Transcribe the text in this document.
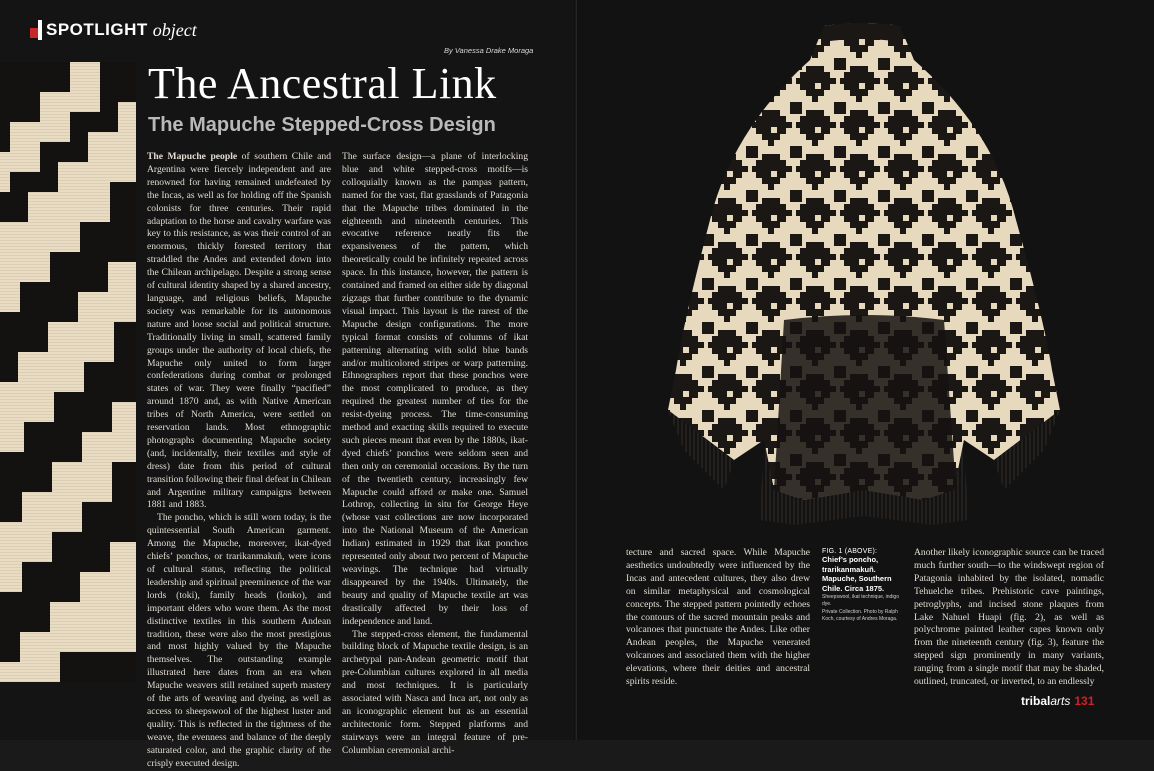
SPOTLIGHT object
By Vanessa Drake Moraga
The Ancestral Link
The Mapuche Stepped-Cross Design

The Mapuche people of southern Chile and Argentina were fiercely independent and are renowned for having remained undefeated by the Incas, as well as for holding off the Spanish colonists for three centuries. Their rapid adaptation to the horse and cavalry warfare was key to this resistance, as was their control of an enormous, thickly forested territory that straddled the Andes and extended down into the Chilean archipelago. Despite a strong sense of cultural identity shaped by a shared ancestry, language, and religious beliefs, Mapuche society was remarkable for its autonomous nature and loose social and political structure. Traditionally living in small, scattered family groups under the authority of local chiefs, the Mapuche only united to form larger confederations during combat or prolonged states of war. They were finally “pacified” around 1870 and, as with Native American tribes of North America, were settled on reservation lands. Most ethnographic photographs documenting Mapuche society (and, incidentally, their textiles and style of dress) date from this period of cultural transition following their final defeat in Chilean and Argentine military campaigns between 1881 and 1883.

The poncho, which is still worn today, is the quintessential South American garment. Among the Mapuche, moreover, ikat-dyed chiefs’ ponchos, or trarikanmakuñ, were icons of cultural status, reflecting the political leadership and spiritual preeminence of the war lords (toki), family heads (lonko), and important elders who wore them. As the most distinctive textiles in this southern Andean tradition, these were also the most prestigious and most highly valued by the Mapuche themselves. The outstanding example illustrated here dates from an era when Mapuche weavers still retained superb mastery of the arts of weaving and dyeing, as well as access to sheepswool of the highest luster and quality. This is reflected in the tightness of the weave, the evenness and balance of the deeply saturated color, and the graphic clarity of the crisply executed design.

The surface design—a plane of interlocking blue and white stepped-cross motifs—is colloquially known as the pampas pattern, named for the vast, flat grasslands of Patagonia that the Mapuche tribes dominated in the eighteenth and nineteenth centuries. This evocative reference neatly fits the expansiveness of the pattern, which theoretically could be infinitely repeated across space. In this instance, however, the pattern is contained and framed on either side by diagonal zigzags that further contribute to the dynamic visual impact. This layout is the rarest of the Mapuche design configurations. The more typical format consists of columns of ikat patterning alternating with solid blue bands and/or multicolored stripes or warp patterning. Ethnographers report that these ponchos were the most complicated to produce, as they required the greatest number of ties for the resist-dyeing process. The time-consuming method and exacting skills required to execute such pieces meant that even by the 1880s, ikat-dyed chiefs’ ponchos were seldom seen and then only on ceremonial occasions. By the turn of the twentieth century, increasingly few Mapuche could afford or make one. Samuel Lothrop, collecting in situ for George Heye (whose vast collections are now incorporated into the National Museum of the American Indian) estimated in 1929 that ikat ponchos represented only about two percent of Mapuche weavings. The technique had virtually disappeared by the 1940s. Ultimately, the beauty and quality of Mapuche textile art was drastically affected by their loss of independence and land.

The stepped-cross element, the fundamental building block of Mapuche textile design, is an archetypal pan-Andean geometric motif that pre-Columbian cultures explored in all media and most techniques. It is particularly associated with Nasca and Inca art, not only as an iconographic element but as an essential architectonic form. Stepped platforms and stairways were an integral feature of pre-Columbian ceremonial archi-

tecture and sacred space. While Mapuche aesthetics undoubtedly were influenced by the Incas and antecedent cultures, they also drew on similar metaphysical and cosmological concepts. The stepped pattern pointedly echoes the contours of the sacred mountain peaks and volcanoes that punctuate the Andes. Like other Andean peoples, the Mapuche venerated volcanoes and associated them with the higher elevations, where their deities and ancestral spirits reside.

FIG. 1 (ABOVE):
Chief’s poncho, trarikanmakuñ. Mapuche, Southern Chile. Circa 1875.
Sheepswool, ikat technique, indigo dye.
Private Collection. Photo by Ralph Koch, courtesy of Andres Moraga.

Another likely iconographic source can be traced much further south—to the windswept region of Patagonia inhabited by the isolated, nomadic Tehuelche tribes. Prehistoric cave paintings, petroglyphs, and incised stone plaques from Lake Nahuel Huapi (fig. 2), as well as polychrome painted leather capes known only from the nineteenth century (fig. 3), feature the stepped sign prominently in many variants, ranging from a single motif that may be shaded, outlined, truncated, or inverted, to an endlessly

tribalarts 131
